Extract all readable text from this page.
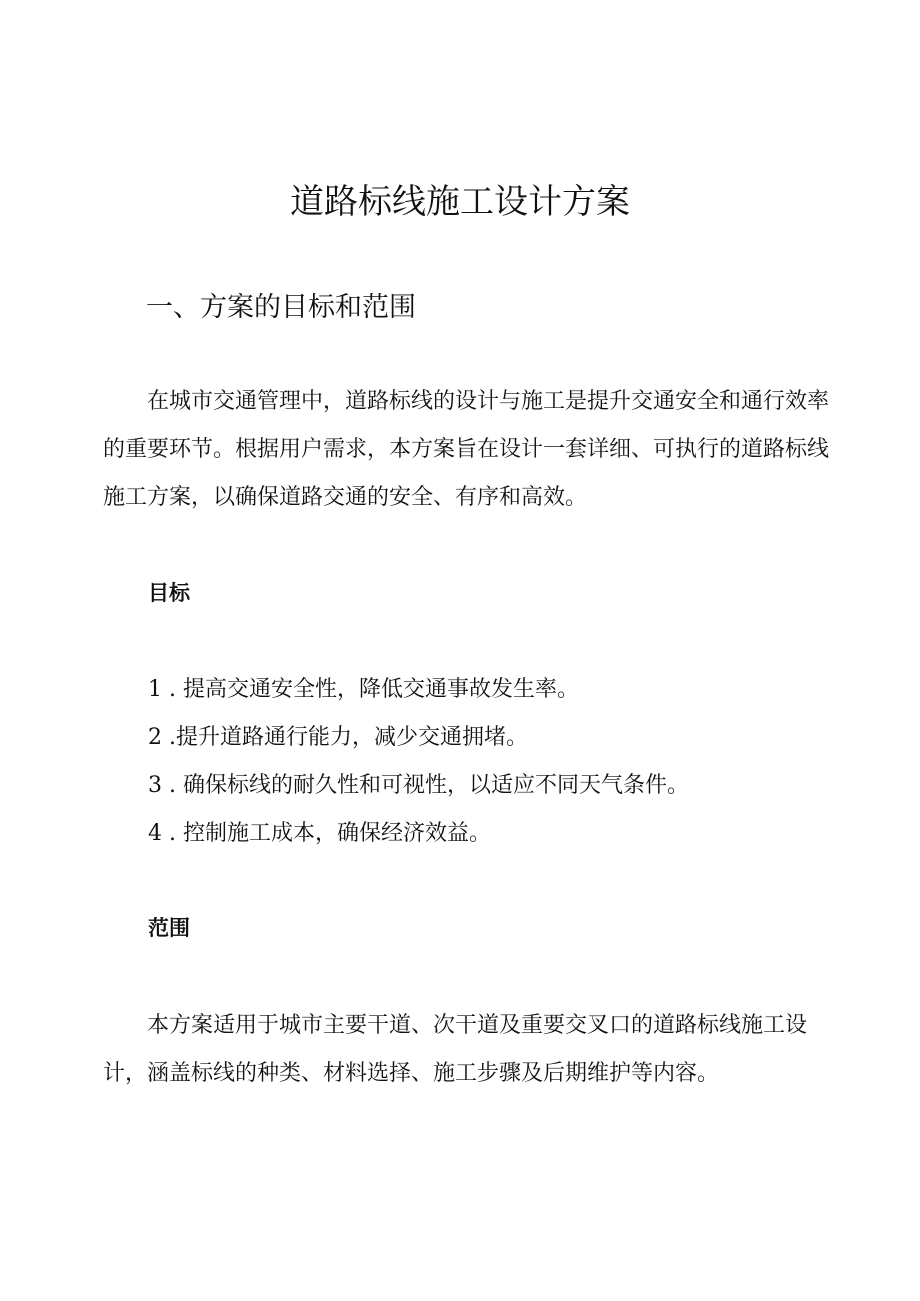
道路标线施工设计方案
一、方案的目标和范围

在城市交通管理中，道路标线的设计与施工是提升交通安全和通行效率的重要环节。根据用户需求，本方案旨在设计一套详细、可执行的道路标线施工方案，以确保道路交通的安全、有序和高效。

目标
1 . 提高交通安全性，降低交通事故发生率。
2 .提升道路通行能力，减少交通拥堵。
3 . 确保标线的耐久性和可视性，以适应不同天气条件。
4 . 控制施工成本，确保经济效益。
范围

本方案适用于城市主要干道、次干道及重要交叉口的道路标线施工设计，涵盖标线的种类、材料选择、施工步骤及后期维护等内容。
